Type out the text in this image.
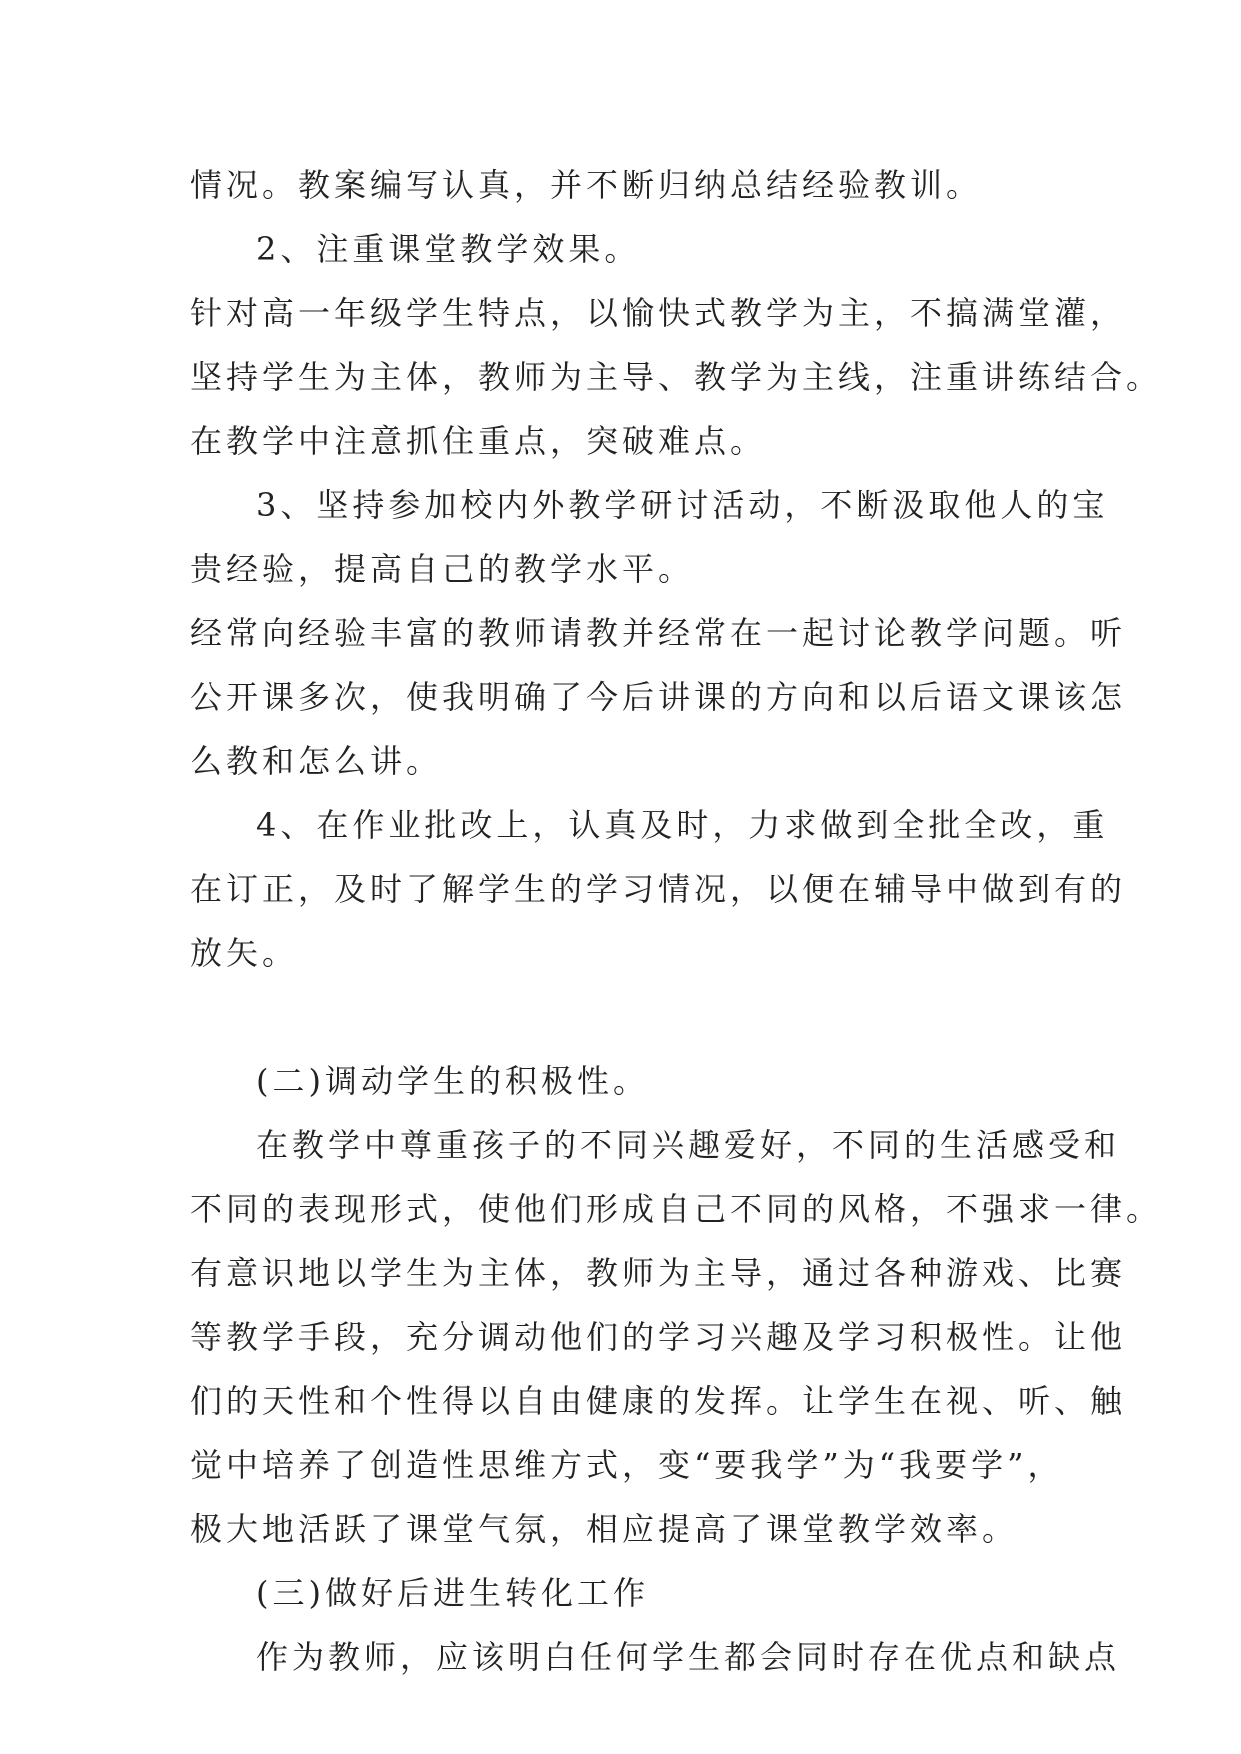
情况。教案编写认真，并不断归纳总结经验教训。
2、注重课堂教学效果。
针对高一年级学生特点，以愉快式教学为主，不搞满堂灌，
坚持学生为主体，教师为主导、教学为主线，注重讲练结合。
在教学中注意抓住重点，突破难点。
3、坚持参加校内外教学研讨活动，不断汲取他人的宝
贵经验，提高自己的教学水平。
经常向经验丰富的教师请教并经常在一起讨论教学问题。听
公开课多次，使我明确了今后讲课的方向和以后语文课该怎
么教和怎么讲。
4、在作业批改上，认真及时，力求做到全批全改，重
在订正，及时了解学生的学习情况，以便在辅导中做到有的
放矢。
(二)调动学生的积极性。
在教学中尊重孩子的不同兴趣爱好，不同的生活感受和
不同的表现形式，使他们形成自己不同的风格，不强求一律。
有意识地以学生为主体，教师为主导，通过各种游戏、比赛
等教学手段，充分调动他们的学习兴趣及学习积极性。让他
们的天性和个性得以自由健康的发挥。让学生在视、听、触
觉中培养了创造性思维方式，变“要我学”为“我要学”，
极大地活跃了课堂气氛，相应提高了课堂教学效率。
(三)做好后进生转化工作
作为教师，应该明白任何学生都会同时存在优点和缺点
